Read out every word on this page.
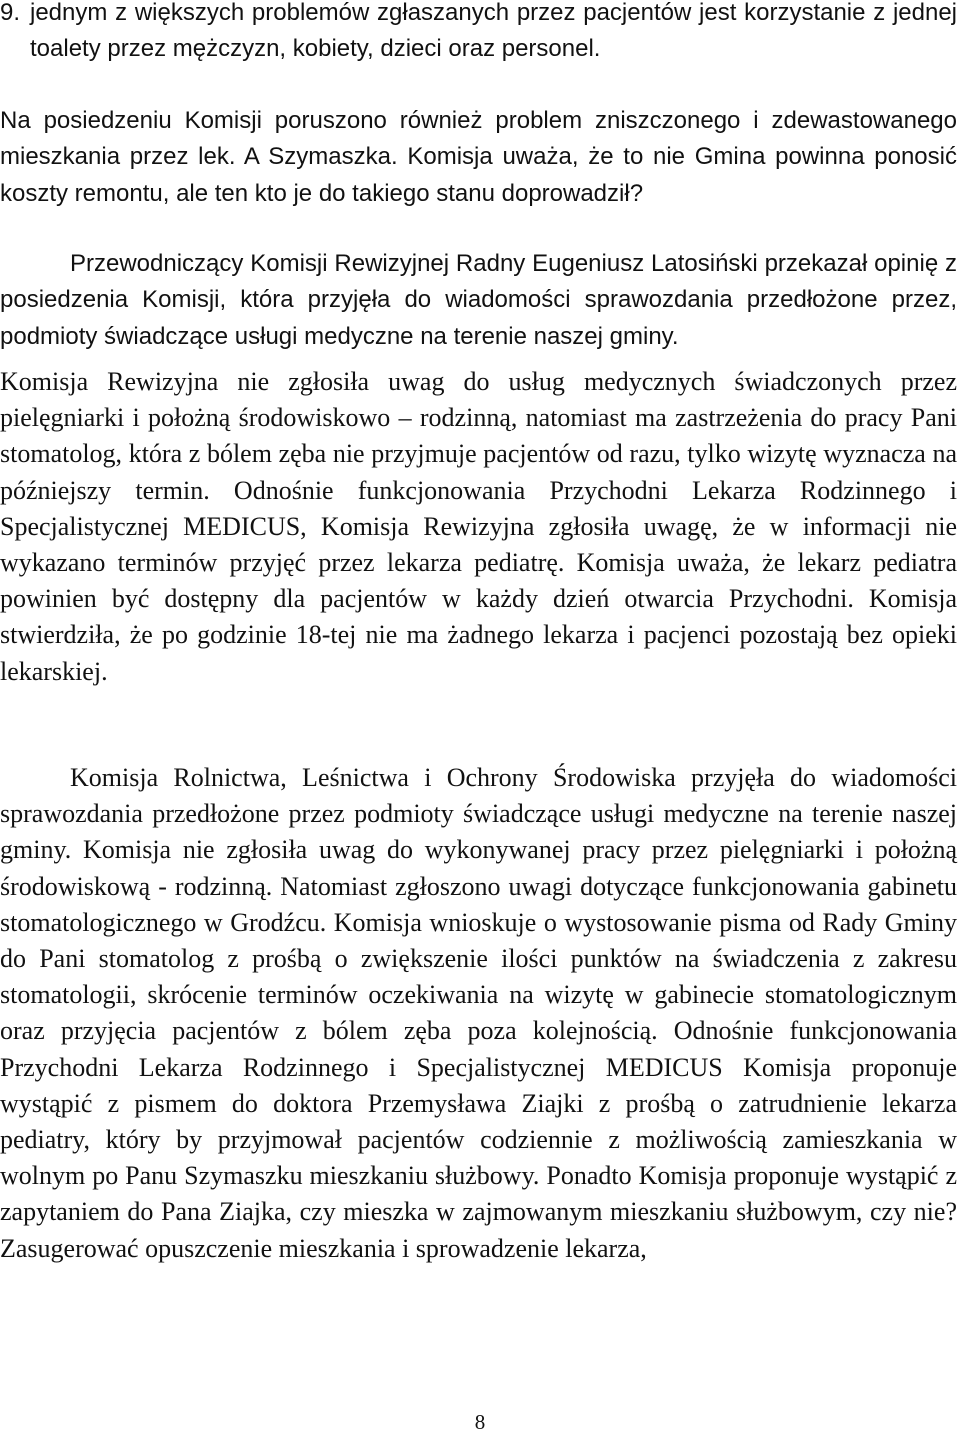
9. jednym z większych problemów zgłaszanych przez pacjentów jest korzystanie z jednej toalety przez mężczyzn, kobiety, dzieci oraz personel.

Na posiedzeniu Komisji poruszono również problem zniszczonego i zdewastowanego mieszkania przez lek. A Szymaszka. Komisja uważa, że to nie Gmina powinna ponosić koszty remontu, ale ten kto je do takiego stanu doprowadził?

Przewodniczący Komisji Rewizyjnej Radny Eugeniusz Latosiński przekazał opinię z posiedzenia Komisji, która przyjęła do wiadomości sprawozdania przedłożone przez, podmioty świadczące usługi medyczne na terenie naszej gminy.

Komisja Rewizyjna nie zgłosiła uwag do usług medycznych świadczonych przez pielęgniarki i położną środowiskowo – rodzinną, natomiast ma zastrzeżenia do pracy Pani stomatolog, która z bólem zęba nie przyjmuje pacjentów od razu, tylko wizytę wyznacza na późniejszy termin. Odnośnie funkcjonowania Przychodni Lekarza Rodzinnego i Specjalistycznej MEDICUS, Komisja Rewizyjna zgłosiła uwagę, że w informacji nie wykazano terminów przyjęć przez lekarza pediatrę. Komisja uważa, że lekarz pediatra powinien być dostępny dla pacjentów w każdy dzień otwarcia Przychodni. Komisja stwierdziła, że po godzinie 18-tej nie ma żadnego lekarza i pacjenci pozostają bez opieki lekarskiej.

Komisja Rolnictwa, Leśnictwa i Ochrony Środowiska przyjęła do wiadomości sprawozdania przedłożone przez podmioty świadczące usługi medyczne na terenie naszej gminy. Komisja nie zgłosiła uwag do wykonywanej pracy przez pielęgniarki i położną środowiskową - rodzinną. Natomiast zgłoszono uwagi dotyczące funkcjonowania gabinetu stomatologicznego w Grodźcu. Komisja wnioskuje o wystosowanie pisma od Rady Gminy do Pani stomatolog z prośbą o zwiększenie ilości punktów na świadczenia z zakresu stomatologii, skrócenie terminów oczekiwania na wizytę w gabinecie stomatologicznym oraz przyjęcia pacjentów z bólem zęba poza kolejnością. Odnośnie funkcjonowania Przychodni Lekarza Rodzinnego i Specjalistycznej MEDICUS Komisja proponuje wystąpić z pismem do doktora Przemysława Ziajki z prośbą o zatrudnienie lekarza pediatry, który by przyjmował pacjentów codziennie z możliwością zamieszkania w wolnym po Panu Szymaszku mieszkaniu służbowy. Ponadto Komisja proponuje wystąpić z zapytaniem do Pana Ziajka, czy mieszka w zajmowanym mieszkaniu służbowym, czy nie? Zasugerować opuszczenie mieszkania i sprowadzenie lekarza,

8
